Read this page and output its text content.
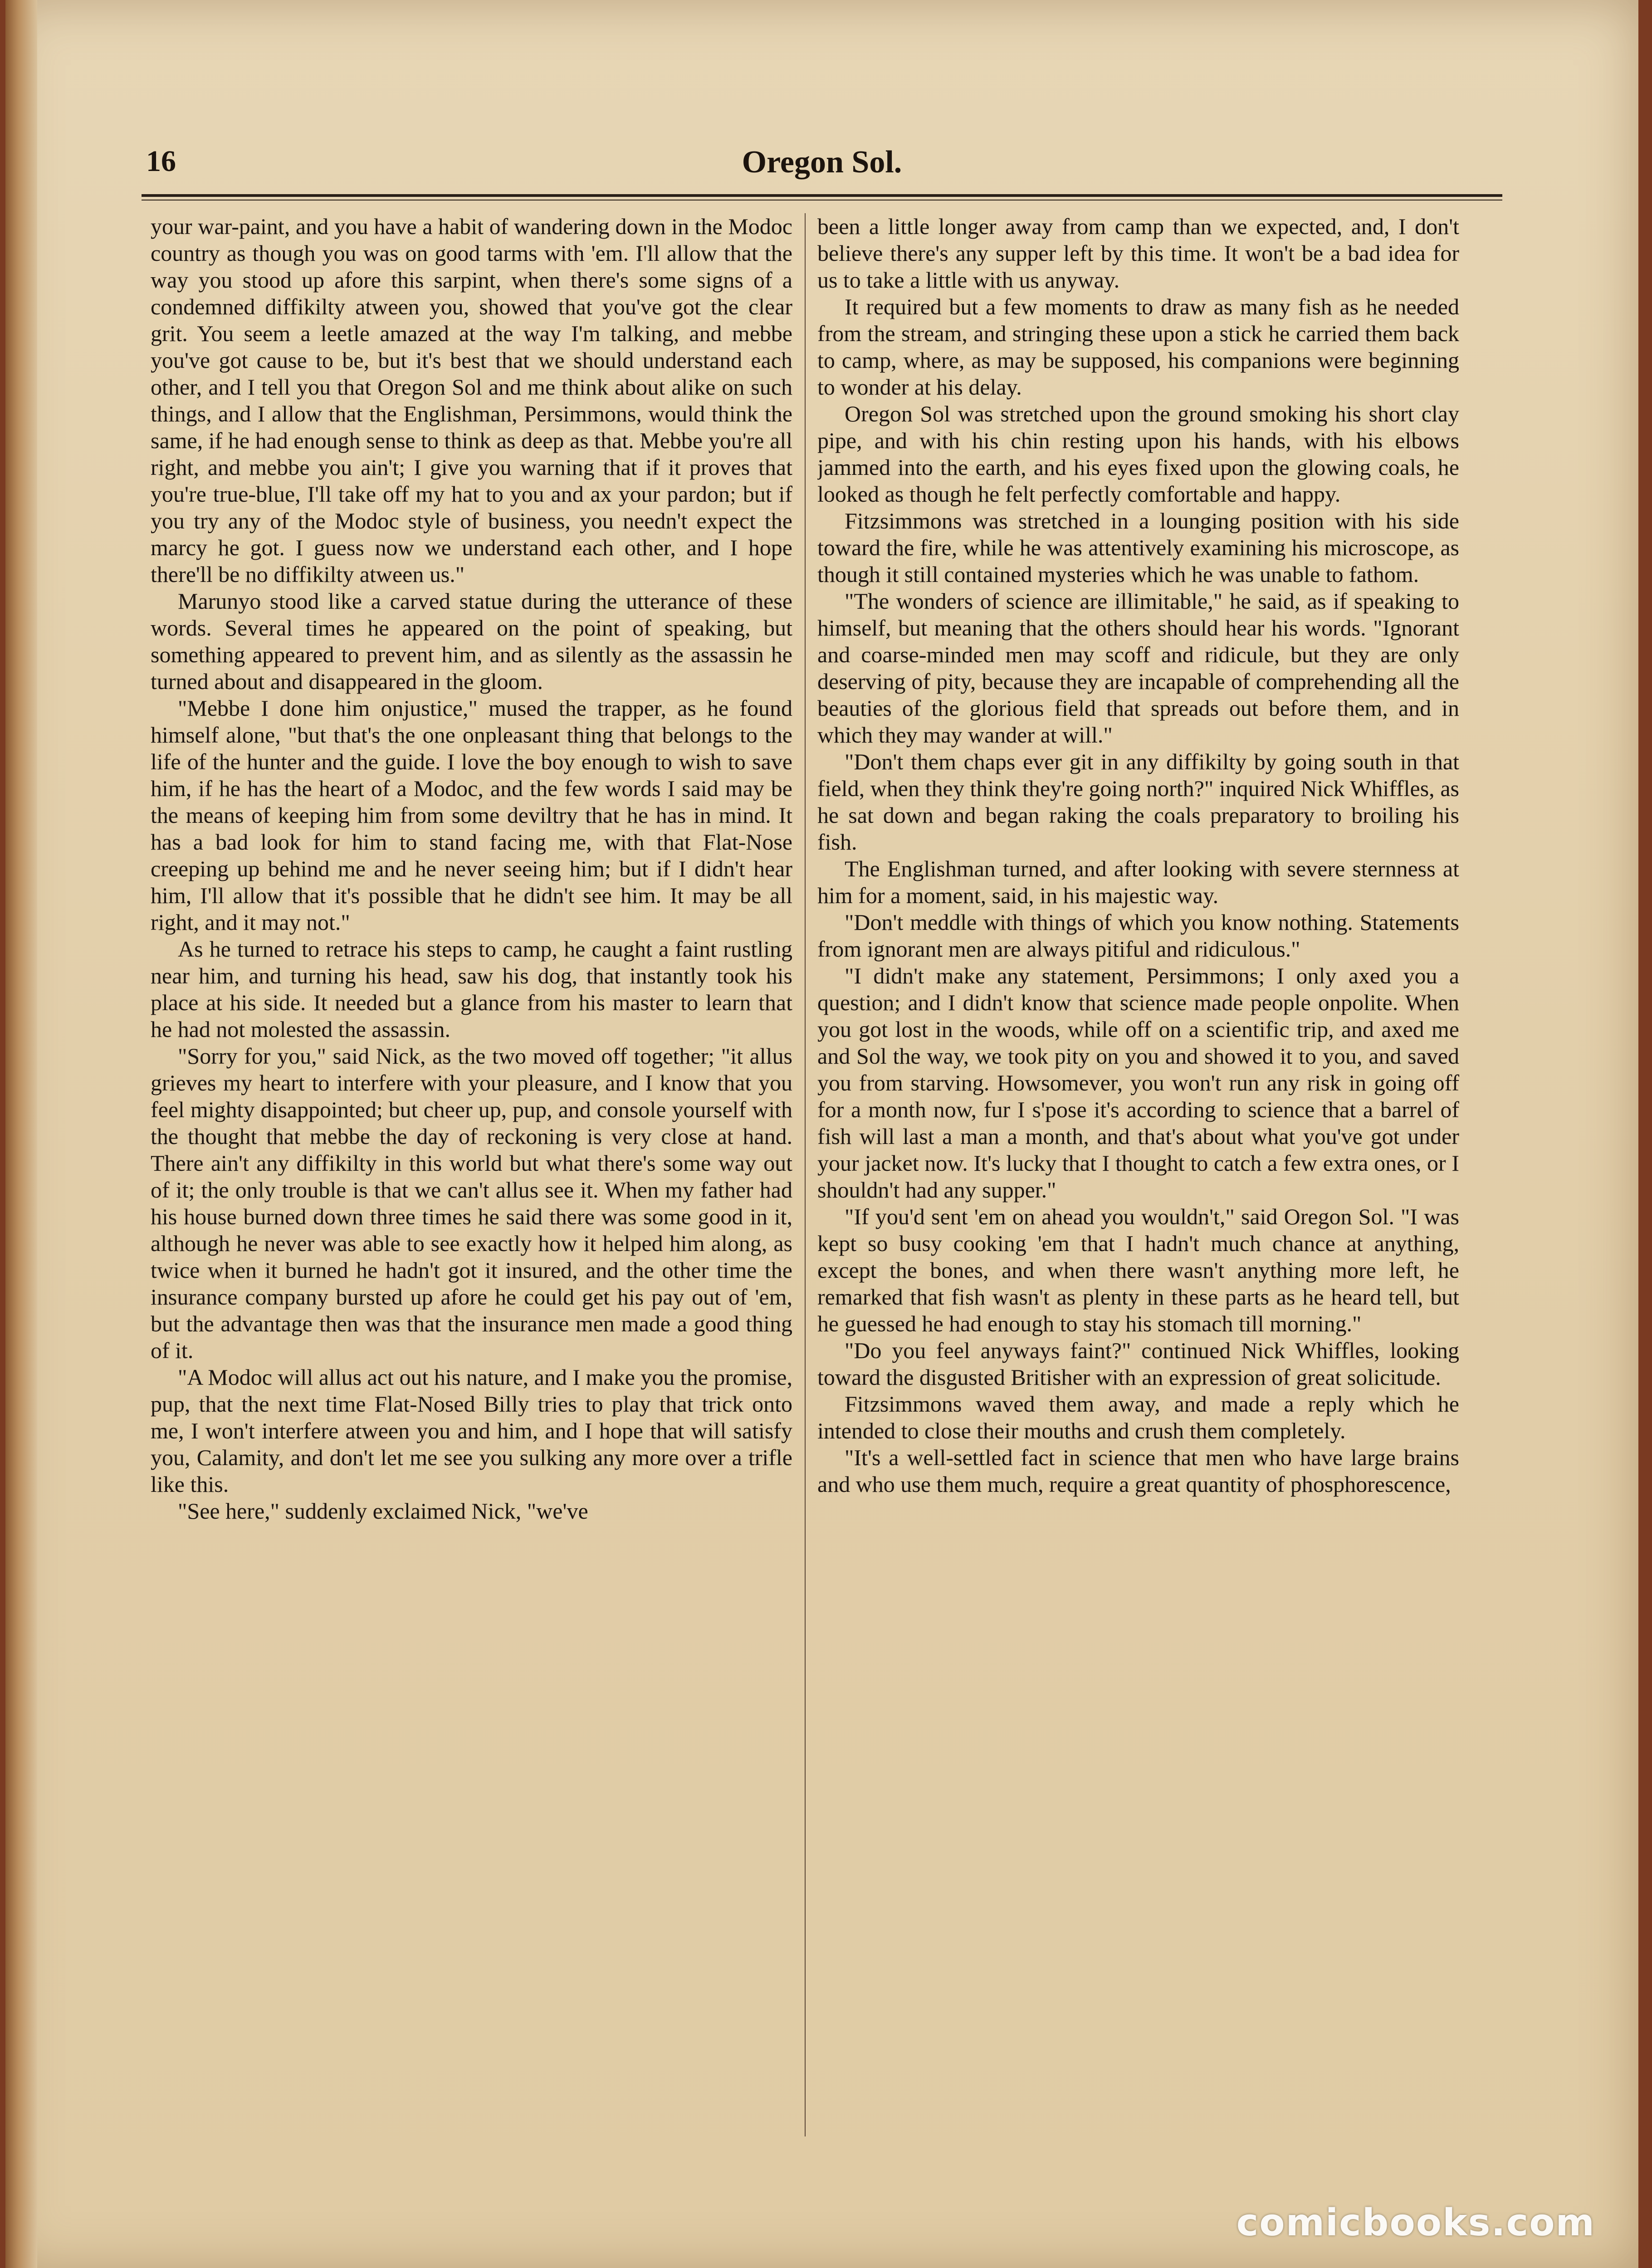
16	Oregon Sol.

your war-paint, and you have a habit of wandering down in the Modoc country as though you was on good tarms with 'em. I'll allow that the way you stood up afore this sarpint, when there's some signs of a condemned diffikilty atween you, showed that you've got the clear grit. You seem a leetle amazed at the way I'm talking, and mebbe you've got cause to be, but it's best that we should understand each other, and I tell you that Oregon Sol and me think about alike on such things, and I allow that the Englishman, Persimmons, would think the same, if he had enough sense to think as deep as that. Mebbe you're all right, and mebbe you ain't; I give you warning that if it proves that you're true-blue, I'll take off my hat to you and ax your pardon; but if you try any of the Modoc style of business, you needn't expect the marcy he got. I guess now we understand each other, and I hope there'll be no diffikilty atween us."

Marunyo stood like a carved statue during the utterance of these words. Several times he appeared on the point of speaking, but something appeared to prevent him, and as silently as the assassin he turned about and disappeared in the gloom.

"Mebbe I done him onjustice," mused the trapper, as he found himself alone, "but that's the one onpleasant thing that belongs to the life of the hunter and the guide. I love the boy enough to wish to save him, if he has the heart of a Modoc, and the few words I said may be the means of keeping him from some deviltry that he has in mind. It has a bad look for him to stand facing me, with that Flat-Nose creeping up behind me and he never seeing him; but if I didn't hear him, I'll allow that it's possible that he didn't see him. It may be all right, and it may not."

As he turned to retrace his steps to camp, he caught a faint rustling near him, and turning his head, saw his dog, that instantly took his place at his side. It needed but a glance from his master to learn that he had not molested the assassin.

"Sorry for you," said Nick, as the two moved off together; "it allus grieves my heart to interfere with your pleasure, and I know that you feel mighty disappointed; but cheer up, pup, and console yourself with the thought that mebbe the day of reckoning is very close at hand. There ain't any diffikilty in this world but what there's some way out of it; the only trouble is that we can't allus see it. When my father had his house burned down three times he said there was some good in it, although he never was able to see exactly how it helped him along, as twice when it burned he hadn't got it insured, and the other time the insurance company bursted up afore he could get his pay out of 'em, but the advantage then was that the insurance men made a good thing of it.

"A Modoc will allus act out his nature, and I make you the promise, pup, that the next time Flat-Nosed Billy tries to play that trick onto me, I won't interfere atween you and him, and I hope that will satisfy you, Calamity, and don't let me see you sulking any more over a trifle like this.

"See here," suddenly exclaimed Nick, "we've

been a little longer away from camp than we expected, and, I don't believe there's any supper left by this time. It won't be a bad idea for us to take a little with us anyway.

It required but a few moments to draw as many fish as he needed from the stream, and stringing these upon a stick he carried them back to camp, where, as may be supposed, his companions were beginning to wonder at his delay.

Oregon Sol was stretched upon the ground smoking his short clay pipe, and with his chin resting upon his hands, with his elbows jammed into the earth, and his eyes fixed upon the glowing coals, he looked as though he felt perfectly comfortable and happy.

Fitzsimmons was stretched in a lounging position with his side toward the fire, while he was attentively examining his microscope, as though it still contained mysteries which he was unable to fathom.

"The wonders of science are illimitable," he said, as if speaking to himself, but meaning that the others should hear his words. "Ignorant and coarse-minded men may scoff and ridicule, but they are only deserving of pity, because they are incapable of comprehending all the beauties of the glorious field that spreads out before them, and in which they may wander at will."

"Don't them chaps ever git in any diffikilty by going south in that field, when they think they're going north?" inquired Nick Whiffles, as he sat down and began raking the coals preparatory to broiling his fish.

The Englishman turned, and after looking with severe sternness at him for a moment, said, in his majestic way.

"Don't meddle with things of which you know nothing. Statements from ignorant men are always pitiful and ridiculous."

"I didn't make any statement, Persimmons; I only axed you a question; and I didn't know that science made people onpolite. When you got lost in the woods, while off on a scientific trip, and axed me and Sol the way, we took pity on you and showed it to you, and saved you from starving. Howsomever, you won't run any risk in going off for a month now, fur I s'pose it's according to science that a barrel of fish will last a man a month, and that's about what you've got under your jacket now. It's lucky that I thought to catch a few extra ones, or I shouldn't had any supper."

"If you'd sent 'em on ahead you wouldn't," said Oregon Sol. "I was kept so busy cooking 'em that I hadn't much chance at anything, except the bones, and when there wasn't anything more left, he remarked that fish wasn't as plenty in these parts as he heard tell, but he guessed he had enough to stay his stomach till morning."

"Do you feel anyways faint?" continued Nick Whiffles, looking toward the disgusted Britisher with an expression of great solicitude.

Fitzsimmons waved them away, and made a reply which he intended to close their mouths and crush them completely.

"It's a well-settled fact in science that men who have large brains and who use them much, require a great quantity of phosphorescence,

comicbooks.com
